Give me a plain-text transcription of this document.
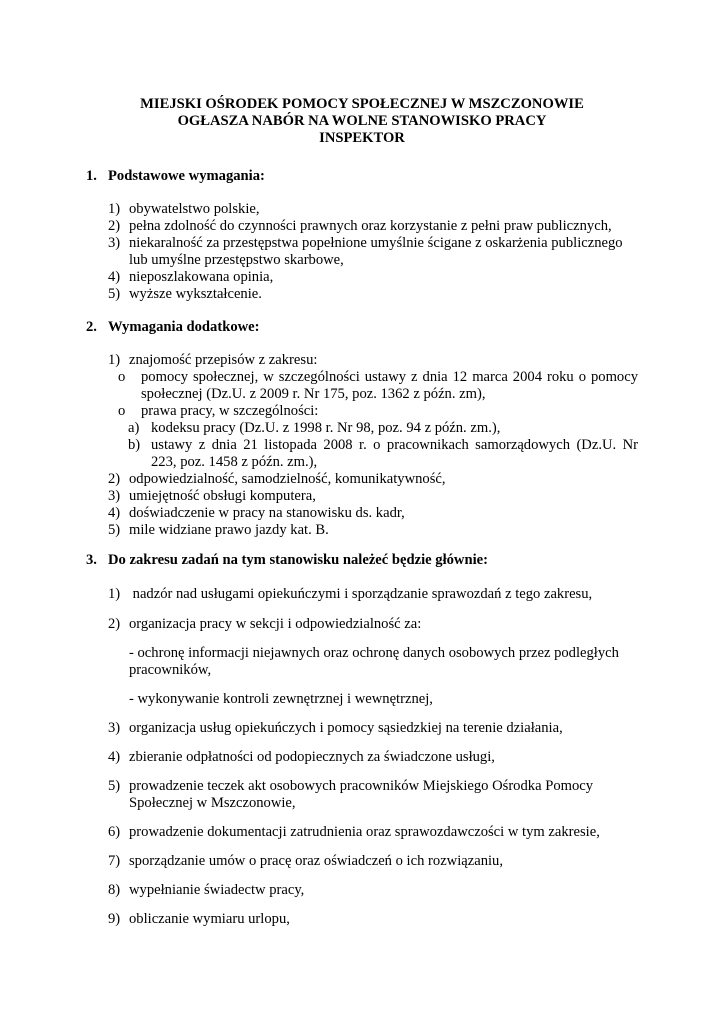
MIEJSKI OŚRODEK POMOCY SPOŁECZNEJ W MSZCZONOWIE
OGŁASZA NABÓR NA WOLNE STANOWISKO PRACY
INSPEKTOR
1. Podstawowe wymagania:
1) obywatelstwo polskie,
2) pełna zdolność do czynności prawnych oraz korzystanie z pełni praw publicznych,
3) niekaralność za przestępstwa popełnione umyślnie ścigane z oskarżenia publicznego
lub umyślne przestępstwo skarbowe,
4) nieposzlakowana opinia,
5) wyższe wykształcenie.
2. Wymagania dodatkowe:
1) znajomość przepisów z zakresu:
o pomocy społecznej, w szczególności ustawy z dnia 12 marca 2004 roku o pomocy
społecznej (Dz.U. z 2009 r. Nr 175, poz. 1362 z późn. zm),
o prawa pracy, w szczególności:
a) kodeksu pracy (Dz.U. z 1998 r. Nr 98, poz. 94 z późn. zm.),
b) ustawy z dnia 21 listopada 2008 r. o pracownikach samorządowych (Dz.U. Nr
223, poz. 1458 z późn. zm.),
2) odpowiedzialność, samodzielność, komunikatywność,
3) umiejętność obsługi komputera,
4) doświadczenie w pracy na stanowisku ds. kadr,
5) mile widziane prawo jazdy kat. B.
3. Do zakresu zadań na tym stanowisku należeć będzie głównie:
1) nadzór nad usługami opiekuńczymi i sporządzanie sprawozdań z tego zakresu,
2) organizacja pracy w sekcji i odpowiedzialność za:
- ochronę informacji niejawnych oraz ochronę danych osobowych przez podległych
pracowników,
- wykonywanie kontroli zewnętrznej i wewnętrznej,
3) organizacja usług opiekuńczych i pomocy sąsiedzkiej na terenie działania,
4) zbieranie odpłatności od podopiecznych za świadczone usługi,
5) prowadzenie teczek akt osobowych pracowników Miejskiego Ośrodka Pomocy
Społecznej w Mszczonowie,
6) prowadzenie dokumentacji zatrudnienia oraz sprawozdawczości w tym zakresie,
7) sporządzanie umów o pracę oraz oświadczeń o ich rozwiązaniu,
8) wypełnianie świadectw pracy,
9) obliczanie wymiaru urlopu,
